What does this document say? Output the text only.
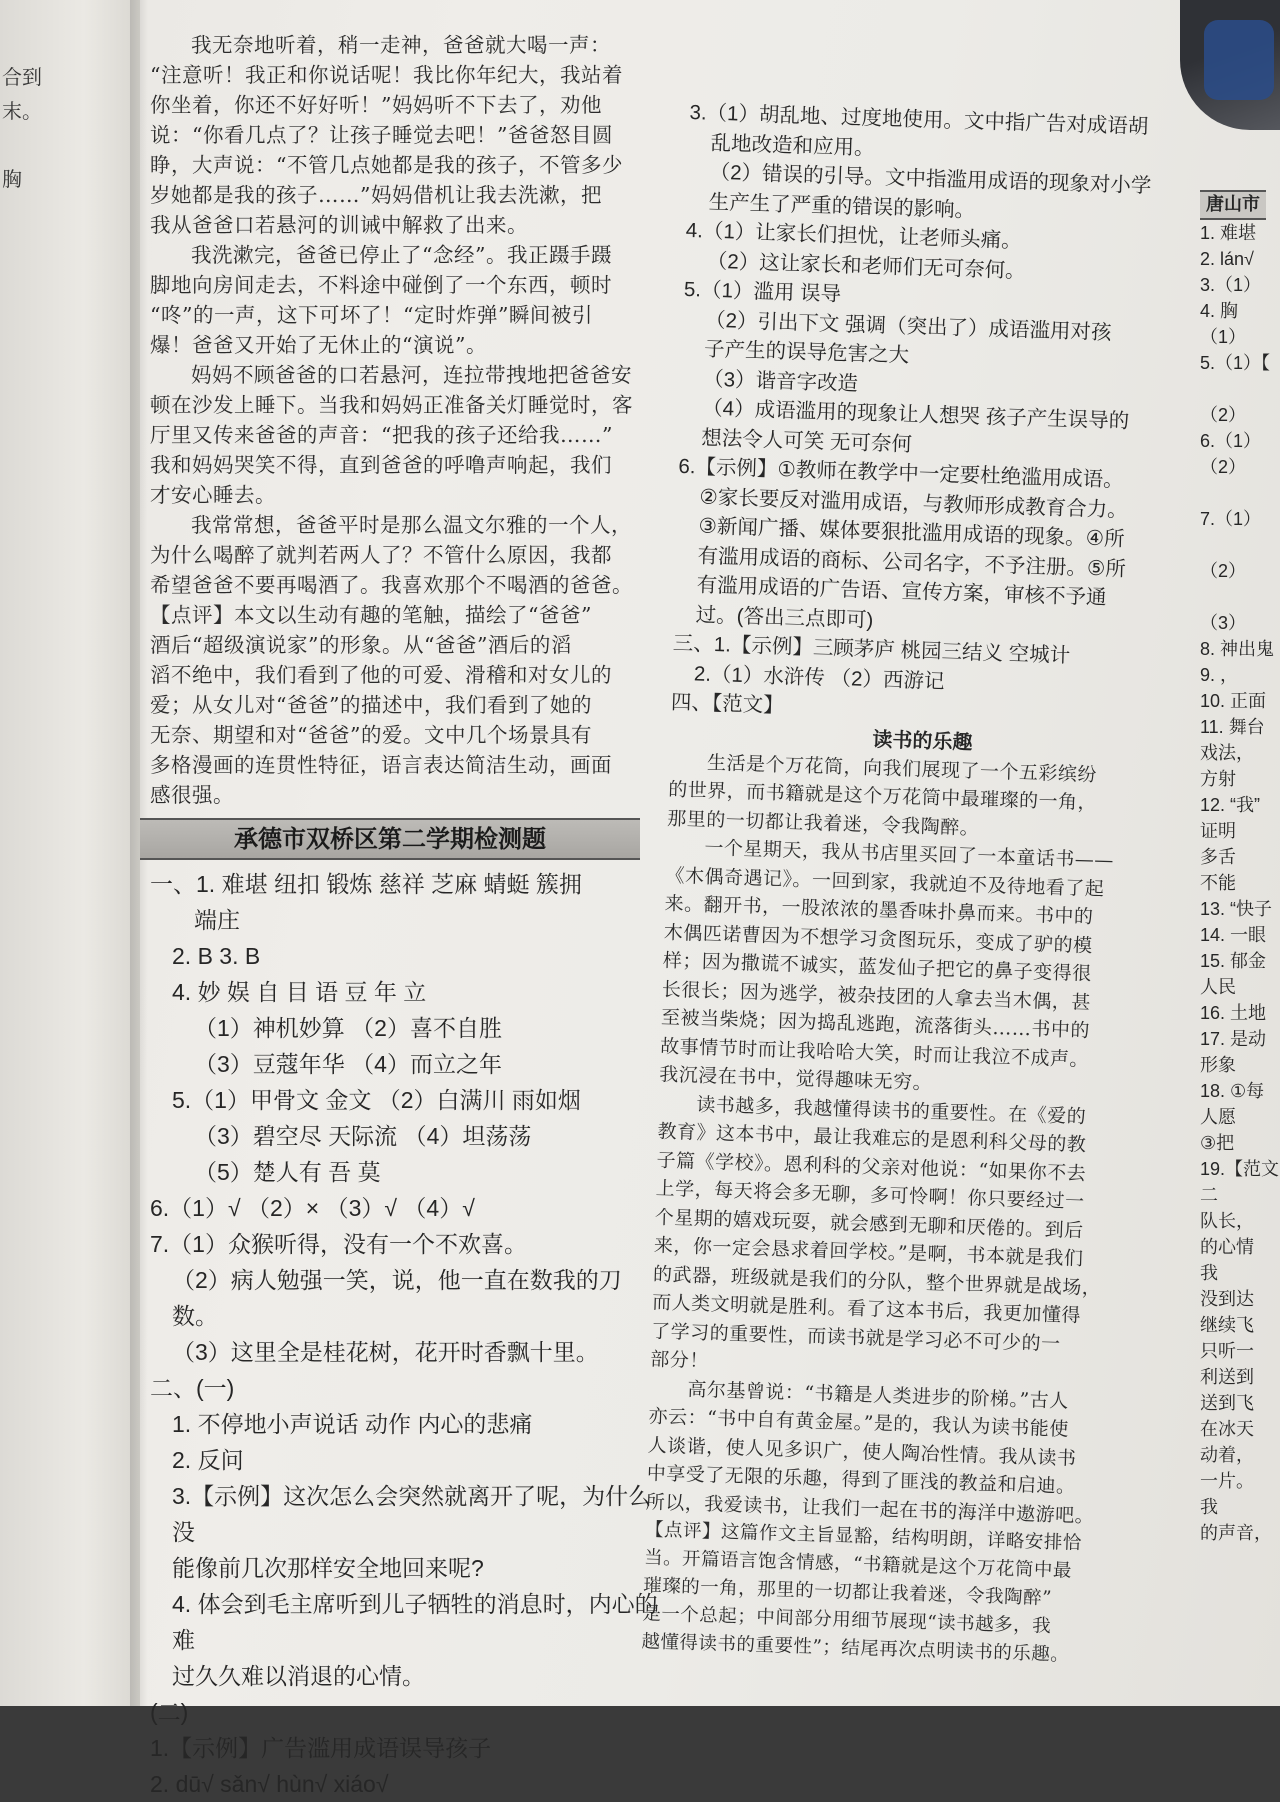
合到
末。

胸

我无奈地听着，稍一走神，爸爸就大喝一声：

“注意听！我正和你说话呢！我比你年纪大，我站着

你坐着，你还不好好听！”妈妈听不下去了，劝他

说：“你看几点了？让孩子睡觉去吧！”爸爸怒目圆

睁，大声说：“不管几点她都是我的孩子，不管多少

岁她都是我的孩子……”妈妈借机让我去洗漱，把

我从爸爸口若悬河的训诫中解救了出来。

我洗漱完，爸爸已停止了“念经”。我正蹑手蹑

脚地向房间走去，不料途中碰倒了一个东西，顿时

“咚”的一声，这下可坏了！“定时炸弹”瞬间被引

爆！爸爸又开始了无休止的“演说”。

妈妈不顾爸爸的口若悬河，连拉带拽地把爸爸安

顿在沙发上睡下。当我和妈妈正准备关灯睡觉时，客

厅里又传来爸爸的声音：“把我的孩子还给我……”

我和妈妈哭笑不得，直到爸爸的呼噜声响起，我们

才安心睡去。

我常常想，爸爸平时是那么温文尔雅的一个人，

为什么喝醉了就判若两人了？不管什么原因，我都

希望爸爸不要再喝酒了。我喜欢那个不喝酒的爸爸。

【点评】本文以生动有趣的笔触，描绘了“爸爸”

酒后“超级演说家”的形象。从“爸爸”酒后的滔

滔不绝中，我们看到了他的可爱、滑稽和对女儿的

爱；从女儿对“爸爸”的描述中，我们看到了她的

无奈、期望和对“爸爸”的爱。文中几个场景具有

多格漫画的连贯性特征，语言表达简洁生动，画面

感很强。

承德市双桥区第二学期检测题

一、1. 难堪 纽扣 锻炼 慈祥 芝麻 蜻蜓 簇拥

端庄

2. B 3. B

4. 妙 娱 自 目 语 豆 年 立

（1）神机妙算 （2）喜不自胜

（3）豆蔻年华 （4）而立之年

5.（1）甲骨文 金文 （2）白满川 雨如烟

（3）碧空尽 天际流 （4）坦荡荡

（5）楚人有 吾 莫

6.（1）√ （2）× （3）√ （4）√

7.（1）众猴听得，没有一个不欢喜。

（2）病人勉强一笑，说，他一直在数我的刀数。

（3）这里全是桂花树，花开时香飘十里。

二、(一)

1. 不停地小声说话 动作 内心的悲痛

2. 反问

3.【示例】这次怎么会突然就离开了呢，为什么没

能像前几次那样安全地回来呢?

4. 体会到毛主席听到儿子牺牲的消息时，内心的难

过久久难以消退的心情。

(二)

1.【示例】广告滥用成语误导孩子

2. dū√ sǎn√ hùn√ xiáo√

3.（1）胡乱地、过度地使用。文中指广告对成语胡

乱地改造和应用。

（2）错误的引导。文中指滥用成语的现象对小学

生产生了严重的错误的影响。

4.（1）让家长们担忧，让老师头痛。

（2）这让家长和老师们无可奈何。

5.（1）滥用 误导

（2）引出下文 强调（突出了）成语滥用对孩

子产生的误导危害之大

（3）谐音字改造

（4）成语滥用的现象让人想哭 孩子产生误导的

想法令人可笑 无可奈何

6.【示例】①教师在教学中一定要杜绝滥用成语。

②家长要反对滥用成语，与教师形成教育合力。

③新闻广播、媒体要狠批滥用成语的现象。④所

有滥用成语的商标、公司名字，不予注册。⑤所

有滥用成语的广告语、宣传方案，审核不予通

过。(答出三点即可)

三、1.【示例】三顾茅庐 桃园三结义 空城计

2.（1）水浒传 （2）西游记

四、【范文】

读书的乐趣

生活是个万花筒，向我们展现了一个五彩缤纷

的世界，而书籍就是这个万花筒中最璀璨的一角，

那里的一切都让我着迷，令我陶醉。

一个星期天，我从书店里买回了一本童话书——

《木偶奇遇记》。一回到家，我就迫不及待地看了起

来。翻开书，一股浓浓的墨香味扑鼻而来。书中的

木偶匹诺曹因为不想学习贪图玩乐，变成了驴的模

样；因为撒谎不诚实，蓝发仙子把它的鼻子变得很

长很长；因为逃学，被杂技团的人拿去当木偶，甚

至被当柴烧；因为捣乱逃跑，流落街头……书中的

故事情节时而让我哈哈大笑，时而让我泣不成声。

我沉浸在书中，觉得趣味无穷。

读书越多，我越懂得读书的重要性。在《爱的

教育》这本书中，最让我难忘的是恩利科父母的教

子篇《学校》。恩利科的父亲对他说：“如果你不去

上学，每天将会多无聊，多可怜啊！你只要经过一

个星期的嬉戏玩耍，就会感到无聊和厌倦的。到后

来，你一定会恳求着回学校。”是啊，书本就是我们

的武器，班级就是我们的分队，整个世界就是战场，

而人类文明就是胜利。看了这本书后，我更加懂得

了学习的重要性，而读书就是学习必不可少的一

部分！

高尔基曾说：“书籍是人类进步的阶梯。”古人

亦云：“书中自有黄金屋。”是的，我认为读书能使

人谈谐，使人见多识广，使人陶冶性情。我从读书

中享受了无限的乐趣，得到了匪浅的教益和启迪。

所以，我爱读书，让我们一起在书的海洋中遨游吧。

【点评】这篇作文主旨显豁，结构明朗，详略安排恰

当。开篇语言饱含情感，“书籍就是这个万花筒中最

璀璨的一角，那里的一切都让我着迷，令我陶醉”

是一个总起；中间部分用细节展现“读书越多，我

越懂得读书的重要性”；结尾再次点明读书的乐趣。

唐山市

1. 难堪

2. lán√

3.（1）

4. 胸

（1）

5.（1）【

（2）

6.（1）

（2）

7.（1）

（2）

（3）

8. 神出鬼

9. ，

10. 正面

11. 舞台

戏法，

方射

12. “我”

证明

多舌

不能

13. “快子

14. 一眼

15. 郁金

人民

16. 土地

17. 是动

形象

18. ①每

人愿

③把

19.【范文

二

队长，

的心情

我

没到达

继续飞

只听一

利送到

送到飞

在冰天

动着，

一片。

我

的声音，
